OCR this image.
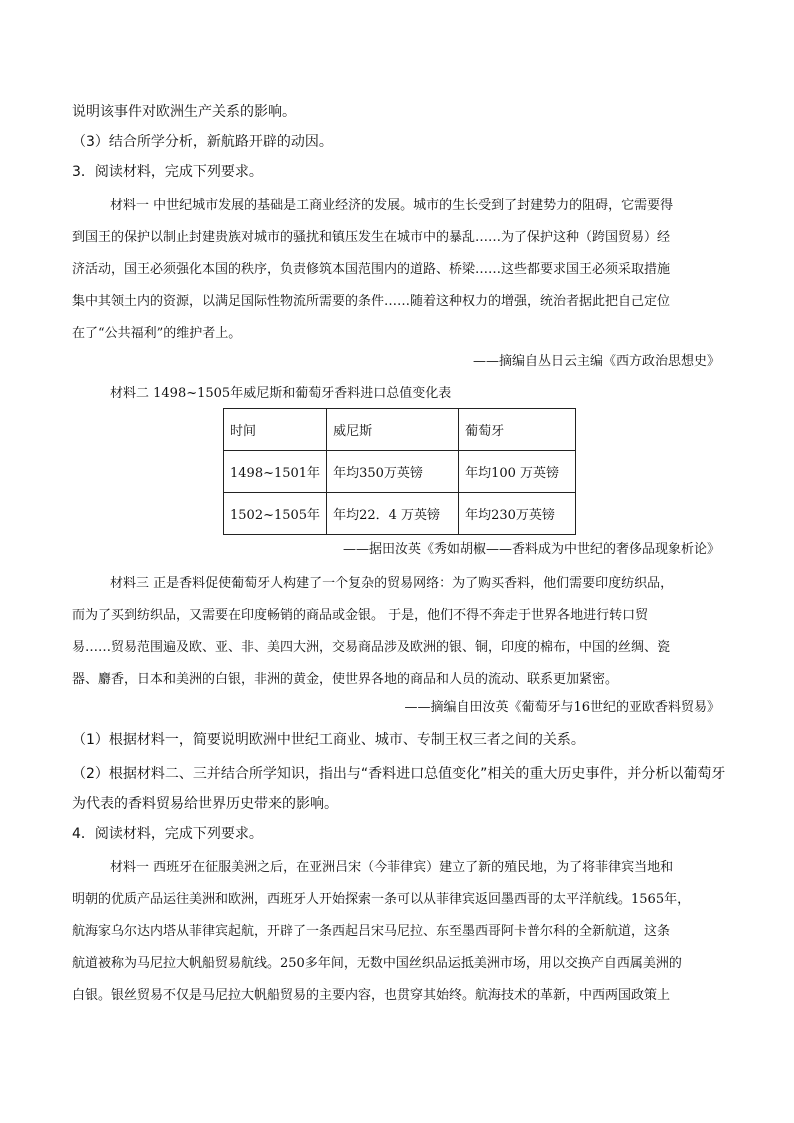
说明该事件对欧洲生产关系的影响。
（3）结合所学分析，新航路开辟的动因。
3．阅读材料，完成下列要求。
材料一 中世纪城市发展的基础是工商业经济的发展。城市的生长受到了封建势力的阻碍，它需要得
到国王的保护以制止封建贵族对城市的骚扰和镇压发生在城市中的暴乱……为了保护这种（跨国贸易）经
济活动，国王必须强化本国的秩序，负责修筑本国范围内的道路、桥梁……这些都要求国王必须采取措施
集中其领土内的资源，以满足国际性物流所需要的条件……随着这种权力的增强，统治者据此把自己定位
在了“公共福利”的维护者上。
——摘编自丛日云主编《西方政治思想史》
材料二 1498~1505年威尼斯和葡萄牙香料进口总值变化表
时间	威尼斯	葡萄牙
1498~1501年	年均350万英镑	年均100 万英镑
1502~1505年	年均22．4 万英镑	年均230万英镑
——据田汝英《秀如胡椒——香料成为中世纪的奢侈品现象析论》
材料三 正是香料促使葡萄牙人构建了一个复杂的贸易网络：为了购买香料，他们需要印度纺织品，
而为了买到纺织品，又需要在印度畅销的商品或金银。 于是，他们不得不奔走于世界各地进行转口贸
易……贸易范围遍及欧、亚、非、美四大洲，交易商品涉及欧洲的银、铜，印度的棉布，中国的丝绸、瓷
器、麝香，日本和美洲的白银，非洲的黄金，使世界各地的商品和人员的流动、联系更加紧密。
——摘编自田汝英《葡萄牙与16世纪的亚欧香料贸易》
（1）根据材料一，简要说明欧洲中世纪工商业、城市、专制王权三者之间的关系。
（2）根据材料二、三并结合所学知识，指出与“香料进口总值变化”相关的重大历史事件，并分析以葡萄牙
为代表的香料贸易给世界历史带来的影响。
4．阅读材料，完成下列要求。
材料一 西班牙在征服美洲之后，在亚洲吕宋（今菲律宾）建立了新的殖民地，为了将菲律宾当地和
明朝的优质产品运往美洲和欧洲，西班牙人开始探索一条可以从菲律宾返回墨西哥的太平洋航线。1565年，
航海家乌尔达内塔从菲律宾起航，开辟了一条西起吕宋马尼拉、东至墨西哥阿卡普尔科的全新航道，这条
航道被称为马尼拉大帆船贸易航线。250多年间，无数中国丝织品运抵美洲市场，用以交换产自西属美洲的
白银。银丝贸易不仅是马尼拉大帆船贸易的主要内容，也贯穿其始终。航海技术的革新，中西两国政策上
